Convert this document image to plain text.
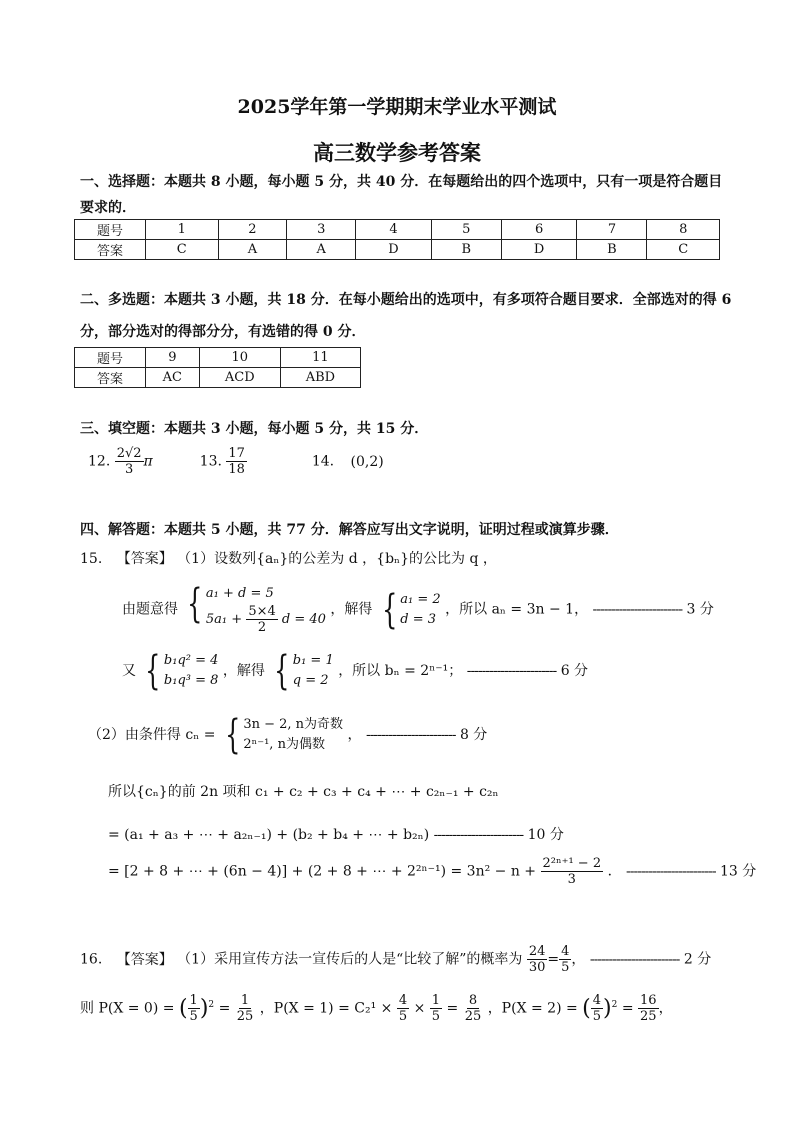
2025学年第一学期期末学业水平测试
高三数学参考答案
一、选择题：本题共 8 小题，每小题 5 分，共 40 分．在每题给出的四个选项中，只有一项是符合题目
要求的．
题号	1	2	3	4	5	6	7	8
答案	C	A	A	D	B	D	B	C
二、多选题：本题共 3 小题，共 18 分．在每小题给出的选项中，有多项符合题目要求．全部选对的得 6
分，部分选对的得部分分，有选错的得 0 分．
题号	9	10	11
答案	AC	ACD	ABD
三、填空题：本题共 3 小题，每小题 5 分，共 15 分．
12. $\frac{2√2}{3}$ π	13. $\frac{17}{18}$	14. (0,2)
四、解答题：本题共 5 小题，共 77 分．解答应写出文字说明，证明过程或演算步骤．
15. 【答案】 （1）设数列{aₙ}的公差为 d ，{bₙ}的公比为 q ，
由题意得 { a₁ + d = 5
$5a_1 + \frac{5\times 4}{2}$ d = 40
，解得 { a₁ = 2
d = 3
，所以 aₙ = 3n − 1， ------------------------ 3 分
又 { b₁q² = 4
b₁q³ = 8
，解得 { b₁ = 1
q = 2
，所以 bₙ = 2ⁿ⁻¹； ------------------------ 6 分
（2）由条件得 cₙ = { 3n − 2, n为奇数
2ⁿ⁻¹, n为偶数
， ------------------------ 8 分
所以{cₙ}的前 2n 项和 c₁ + c₂ + c₃ + c₄ + ⋯ + c₂ₙ₋₁ + c₂ₙ
= (a₁ + a₃ + ⋯ + a₂ₙ₋₁) + (b₂ + b₄ + ⋯ + b₂ₙ) ------------------------ 10 分
= [2 + 8 + ⋯ + (6n − 4)] + (2 + 8 + ⋯ + $2^{2n-1}) = 3n^2 - n + \frac{\text{2²ⁿ⁺¹ − 2}}{3}$ ． ------------------------ 13 分
16. 【答案】 （1）采用宣传方法一宣传后的人是“比较了解”的概率为 $\frac{24}{30} = \frac{4}{5}$ ， ------------------------ 2 分
则 P(X = 0) = ( $\frac{1}{5} )^2 = \frac{1}{25}$ ，$P(X = 1) = C_2^1 \times \frac{4}{5} \times \frac{1}{5} = \frac{8}{25}$ ，P(X = 2) = ( $\frac{4}{5} )^2 = \frac{16}{25}$ ，
